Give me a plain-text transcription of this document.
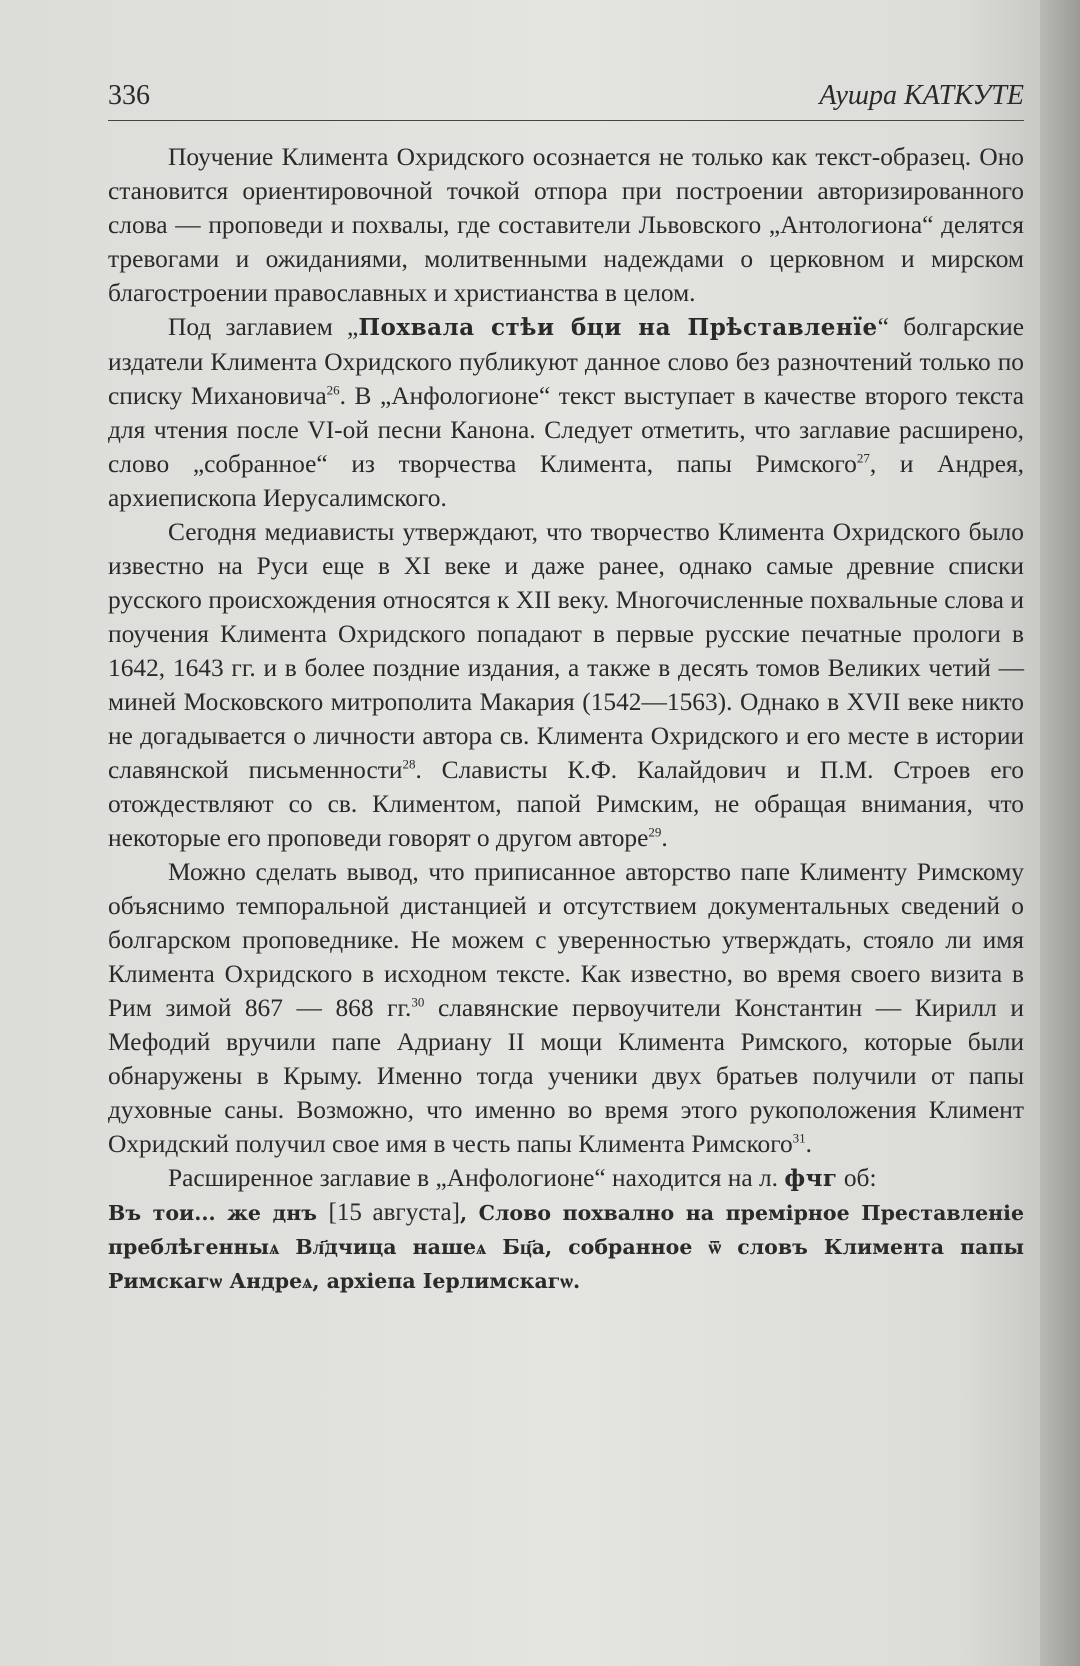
336	Аушра КАТКУТЕ

Поучение Климента Охридского осознается не только как текст-образец. Оно становится ориентировочной точкой отпора при построении авторизированного слова — проповеди и похвалы, где составители Львовского „Антологиона“ делятся тревогами и ожиданиями, молитвенными надеждами о церковном и мирском благостроении православных и христианства в целом.

Под заглавием „Похвала стѣи бци на Прѣставленїе“ болгарские издатели Климента Охридского публикуют данное слово без разночтений только по списку Михановича$^{26}$. В „Анфологионе“ текст выступает в качестве второго текста для чтения после VI-ой песни Канона. Следует отметить, что заглавие расширено, слово „собранное“ из творчества Климента, папы Римского$^{27}$, и Андрея, архиепископа Иерусалимского.

Сегодня медиависты утверждают, что творчество Климента Охридского было известно на Руси еще в XI веке и даже ранее, однако самые древние списки русского происхождения относятся к XII веку. Многочисленные похвальные слова и поучения Климента Охридского попадают в первые русские печатные прологи в 1642, 1643 гг. и в более поздние издания, а также в десять томов Великих четий — миней Московского митрополита Макария (1542—1563). Однако в XVII веке никто не догадывается о личности автора св. Климента Охридского и его месте в истории славянской письменности$^{28}$. Слависты К.Ф. Калайдович и П.М. Строев его отождествляют со св. Климентом, папой Римским, не обращая внимания, что некоторые его проповеди говорят о другом авторе$^{29}$.

Можно сделать вывод, что приписанное авторство папе Клименту Римскому объяснимо темпоральной дистанцией и отсутствием документальных сведений о болгарском проповеднике. Не можем с уверенностью утверждать, стояло ли имя Климента Охридского в исходном тексте. Как известно, во время своего визита в Рим зимой 867 — 868 гг.$^{30}$ славянские первоучители Константин — Кирилл и Мефодий вручили папе Адриану II мощи Климента Римского, которые были обнаружены в Крыму. Именно тогда ученики двух братьев получили от папы духовные саны. Возможно, что именно во время этого рукоположения Климент Охридский получил свое имя в честь папы Климента Римского$^{31}$.

Расширенное заглавие в „Анфологионе“ находится на л. фчг об:

Въ тои... же днъ [15 августа], Слово похвално на премірное Преставленіе преблѣгенныѧ Вл҃дчица нашеѧ Бц҃а, собранное ѿ словъ Климента папы Римскагѡ Андреѧ, архіепа Іерлимскагѡ.
